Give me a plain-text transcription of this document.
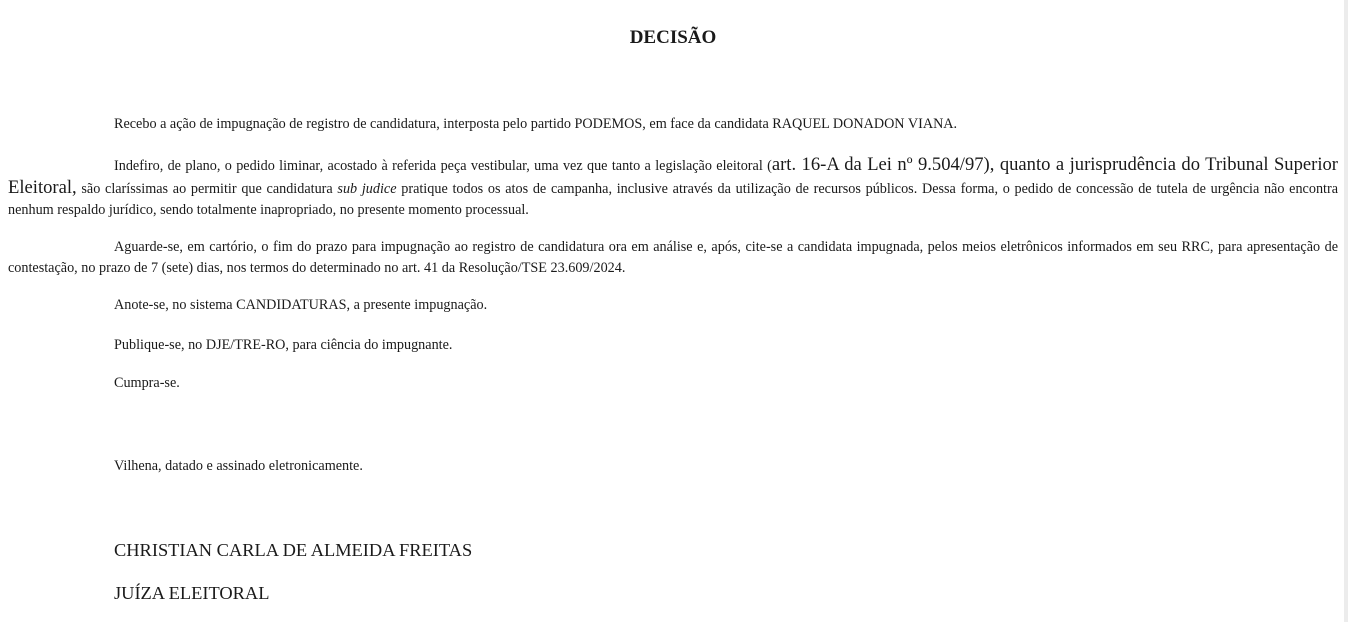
DECISÃO

Recebo a ação de impugnação de registro de candidatura, interposta pelo partido PODEMOS, em face da candidata RAQUEL DONADON VIANA.

Indefiro, de plano, o pedido liminar, acostado à referida peça vestibular, uma vez que tanto a legislação eleitoral (art. 16-A da Lei nº 9.504/97), quanto a jurisprudência do Tribunal Superior Eleitoral, são claríssimas ao permitir que candidatura sub judice pratique todos os atos de campanha, inclusive através da utilização de recursos públicos. Dessa forma, o pedido de concessão de tutela de urgência não encontra nenhum respaldo jurídico, sendo totalmente inapropriado, no presente momento processual.

Aguarde-se, em cartório, o fim do prazo para impugnação ao registro de candidatura ora em análise e, após, cite-se a candidata impugnada, pelos meios eletrônicos informados em seu RRC, para apresentação de contestação, no prazo de 7 (sete) dias, nos termos do determinado no art. 41 da Resolução/TSE 23.609/2024.

Anote-se, no sistema CANDIDATURAS, a presente impugnação.

Publique-se, no DJE/TRE-RO, para ciência do impugnante.

Cumpra-se.

Vilhena, datado e assinado eletronicamente.

CHRISTIAN CARLA DE ALMEIDA FREITAS

JUÍZA ELEITORAL
